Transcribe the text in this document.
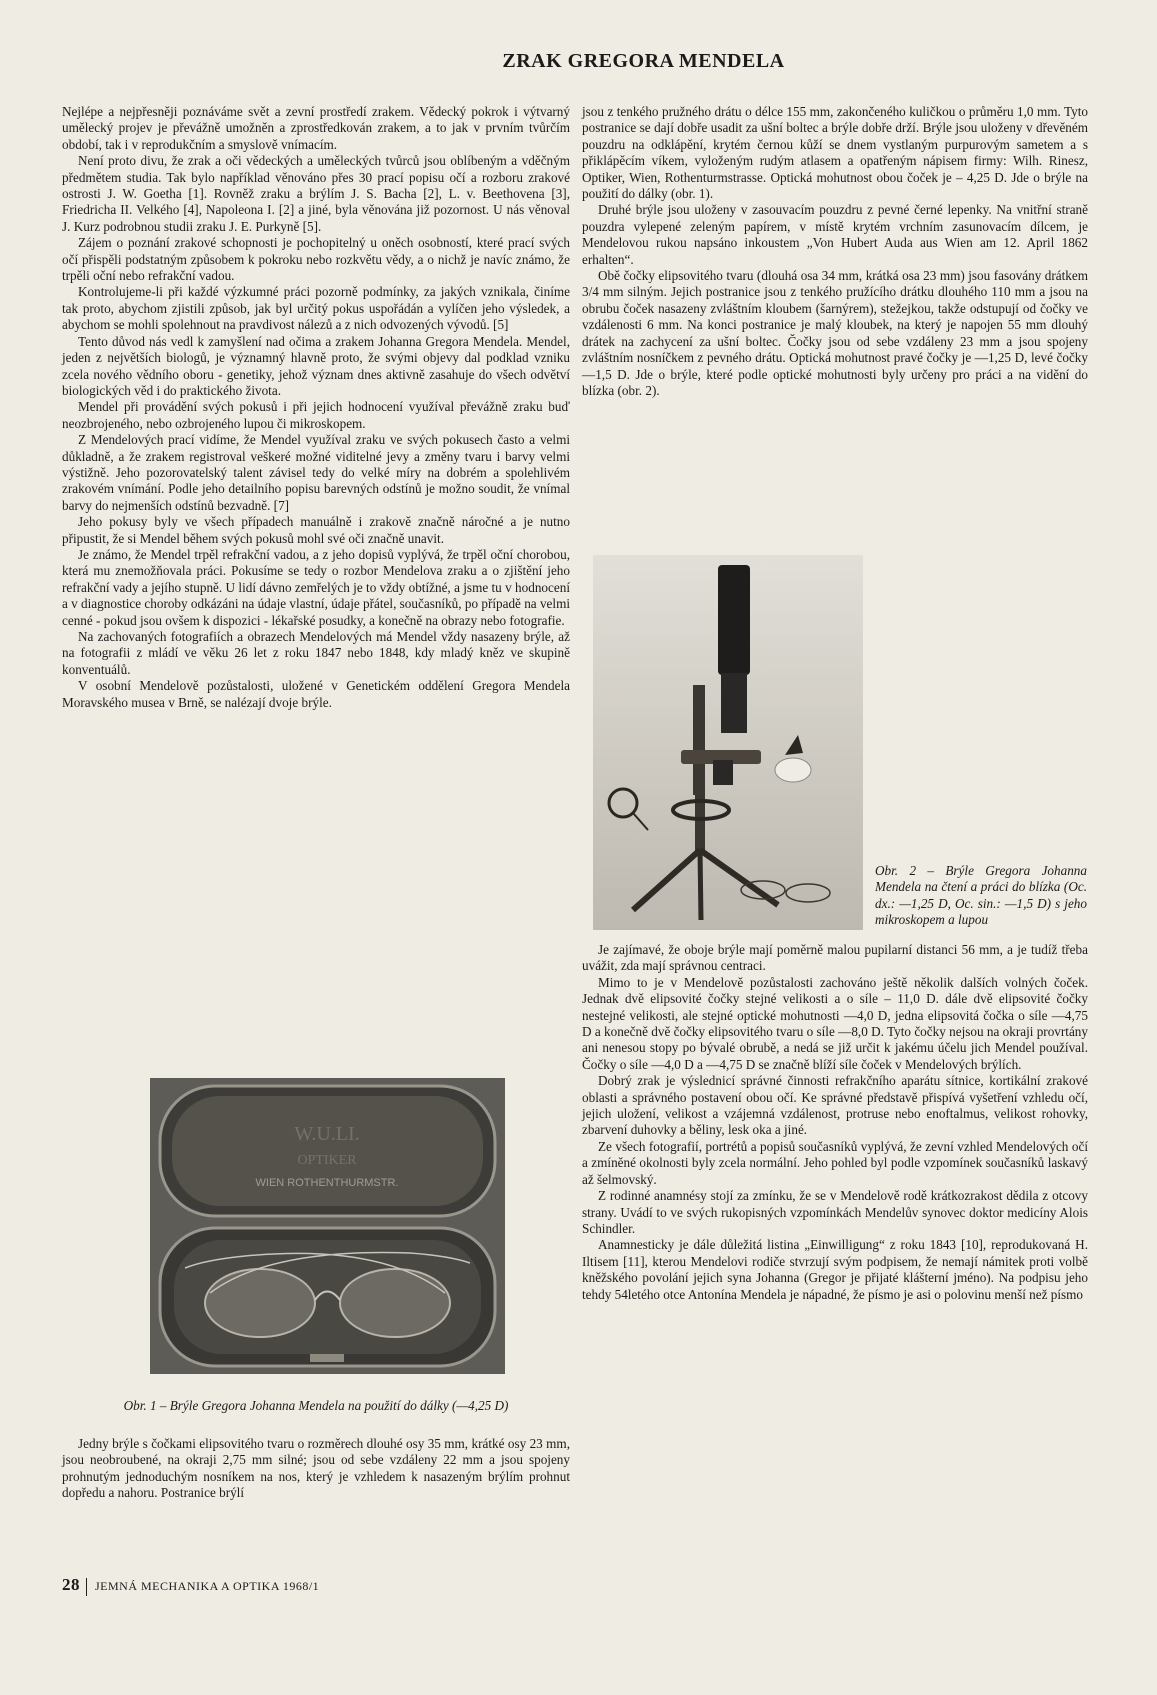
ZRAK GREGORA MENDELA

Nejlépe a nejpřesněji poznáváme svět a zevní prostředí zrakem. Vědecký pokrok i výtvarný umělecký projev je převážně umožněn a zprostředkován zrakem, a to jak v prvním tvůrčím období, tak i v reprodukčním a smyslově vnímacím.

Není proto divu, že zrak a oči vědeckých a uměleckých tvůrců jsou oblíbeným a vděčným předmětem studia. Tak bylo například věnováno přes 30 prací popisu očí a rozboru zrakové ostrosti J. W. Goetha [1]. Rovněž zraku a brýlím J. S. Bacha [2], L. v. Beethovena [3], Friedricha II. Velkého [4], Napoleona I. [2] a jiné, byla věnována již pozornost. U nás věnoval J. Kurz podrobnou studii zraku J. E. Purkyně [5].

Zájem o poznání zrakové schopnosti je pochopitelný u oněch osobností, které prací svých očí přispěli podstatným způsobem k pokroku nebo rozkvětu vědy, a o nichž je navíc známo, že trpěli oční nebo refrakční vadou.

Kontrolujeme-li při každé výzkumné práci pozorně podmínky, za jakých vznikala, činíme tak proto, abychom zjistili způsob, jak byl určitý pokus uspořádán a vylíčen jeho výsledek, a abychom se mohli spolehnout na pravdivost nálezů a z nich odvozených vývodů. [5]

Tento důvod nás vedl k zamyšlení nad očima a zrakem Johanna Gregora Mendela. Mendel, jeden z největších biologů, je významný hlavně proto, že svými objevy dal podklad vzniku zcela nového vědního oboru - genetiky, jehož význam dnes aktivně zasahuje do všech odvětví biologických věd i do praktického života.

Mendel při provádění svých pokusů i při jejich hodnocení využíval převážně zraku buď neozbrojeného, nebo ozbrojeného lupou či mikroskopem.

Z Mendelových prací vidíme, že Mendel využíval zraku ve svých pokusech často a velmi důkladně, a že zrakem registroval veškeré možné viditelné jevy a změny tvaru i barvy velmi výstižně. Jeho pozorovatelský talent závisel tedy do velké míry na dobrém a spolehlivém zrakovém vnímání. Podle jeho detailního popisu barevných odstínů je možno soudit, že vnímal barvy do nejmenších odstínů bezvadně. [7]

Jeho pokusy byly ve všech případech manuálně i zrakově značně náročné a je nutno připustit, že si Mendel během svých pokusů mohl své oči značně unavit.

Je známo, že Mendel trpěl refrakční vadou, a z jeho dopisů vyplývá, že trpěl oční chorobou, která mu znemožňovala práci. Pokusíme se tedy o rozbor Mendelova zraku a o zjištění jeho refrakční vady a jejího stupně. U lidí dávno zemřelých je to vždy obtížné, a jsme tu v hodnocení a v diagnostice choroby odkázáni na údaje vlastní, údaje přátel, současníků, po případě na velmi cenné - pokud jsou ovšem k dispozici - lékařské posudky, a konečně na obrazy nebo fotografie.

Na zachovaných fotografiích a obrazech Mendelových má Mendel vždy nasazeny brýle, až na fotografii z mládí ve věku 26 let z roku 1847 nebo 1848, kdy mladý kněz ve skupině konventuálů.

V osobní Mendelově pozůstalosti, uložené v Genetickém oddělení Gregora Mendela Moravského musea v Brně, se nalézají dvoje brýle.

W.U.LI.
OPTIKER
WIEN ROTHENTHURMSTR.
Obr. 1 – Brýle Gregora Johanna Mendela na použití do dálky (—4,25 D)

Jedny brýle s čočkami elipsovitého tvaru o rozměrech dlouhé osy 35 mm, krátké osy 23 mm, jsou neobroubené, na okraji 2,75 mm silné; jsou od sebe vzdáleny 22 mm a jsou spojeny prohnutým jednoduchým nosníkem na nos, který je vzhledem k nasazeným brýlím prohnut dopředu a nahoru. Postranice brýlí

jsou z tenkého pružného drátu o délce 155 mm, zakončeného kuličkou o průměru 1,0 mm. Tyto postranice se dají dobře usadit za ušní boltec a brýle dobře drží. Brýle jsou uloženy v dřevěném pouzdru na odklápění, krytém černou kůží se dnem vystlaným purpurovým sametem a s přiklápěcím víkem, vyloženým rudým atlasem a opatřeným nápisem firmy: Wilh. Rinesz, Optiker, Wien, Rothenturmstrasse. Optická mohutnost obou čoček je – 4,25 D. Jde o brýle na použití do dálky (obr. 1).

Druhé brýle jsou uloženy v zasouvacím pouzdru z pevné černé lepenky. Na vnitřní straně pouzdra vylepené zeleným papírem, v místě krytém vrchním zasunovacím dílcem, je Mendelovou rukou napsáno inkoustem „Von Hubert Auda aus Wien am 12. April 1862 erhalten“.

Obě čočky elipsovitého tvaru (dlouhá osa 34 mm, krátká osa 23 mm) jsou fasovány drátkem 3/4 mm silným. Jejich postranice jsou z tenkého pružícího drátku dlouhého 110 mm a jsou na obrubu čoček nasazeny zvláštním kloubem (šarnýrem), stežejkou, takže odstupují od čočky ve vzdálenosti 6 mm. Na konci postranice je malý kloubek, na který je napojen 55 mm dlouhý drátek na zachycení za ušní boltec. Čočky jsou od sebe vzdáleny 23 mm a jsou spojeny zvláštním nosníčkem z pevného drátu. Optická mohutnost pravé čočky je —1,25 D, levé čočky —1,5 D. Jde o brýle, které podle optické mohutnosti byly určeny pro práci a na vidění do blízka (obr. 2).

Obr. 2 – Brýle Gregora Johanna Mendela na čtení a práci do blízka (Oc. dx.: —1,25 D, Oc. sin.: —1,5 D) s jeho mikroskopem a lupou

Je zajímavé, že oboje brýle mají poměrně malou pupilarní distanci 56 mm, a je tudíž třeba uvážit, zda mají správnou centraci.

Mimo to je v Mendelově pozůstalosti zachováno ještě několik dalších volných čoček. Jednak dvě elipsovité čočky stejné velikosti a o síle – 11,0 D. dále dvě elipsovité čočky nestejné velikosti, ale stejné optické mohutnosti —4,0 D, jedna elipsovitá čočka o síle —4,75 D a konečně dvě čočky elipsovitého tvaru o síle —8,0 D. Tyto čočky nejsou na okraji provrtány ani nenesou stopy po bývalé obrubě, a nedá se již určit k jakému účelu jich Mendel používal. Čočky o síle —4,0 D a —4,75 D se značně blíží síle čoček v Mendelových brýlích.

Dobrý zrak je výslednicí správné činnosti refrakčního aparátu sítnice, kortikální zrakové oblasti a správného postavení obou očí. Ke správné představě přispívá vyšetření vzhledu očí, jejich uložení, velikost a vzájemná vzdálenost, protruse nebo enoftalmus, velikost rohovky, zbarvení duhovky a běliny, lesk oka a jiné.

Ze všech fotografií, portrétů a popisů současníků vyplývá, že zevní vzhled Mendelových očí a zmíněné okolnosti byly zcela normální. Jeho pohled byl podle vzpomínek současníků laskavý až šelmovský.

Z rodinné anamnésy stojí za zmínku, že se v Mendelově rodě krátkozrakost dědila z otcovy strany. Uvádí to ve svých rukopisných vzpomínkách Mendelův synovec doktor medicíny Alois Schindler.

Anamnesticky je dále důležitá listina „Einwilligung“ z roku 1843 [10], reprodukovaná H. Iltisem [11], kterou Mendelovi rodiče stvrzují svým podpisem, že nemají námitek proti volbě kněžského povolání jejich syna Johanna (Gregor je přijaté klášterní jméno). Na podpisu jeho tehdy 54letého otce Antonína Mendela je nápadné, že písmo je asi o polovinu menší než písmo

28 JEMNÁ MECHANIKA A OPTIKA 1968/1
